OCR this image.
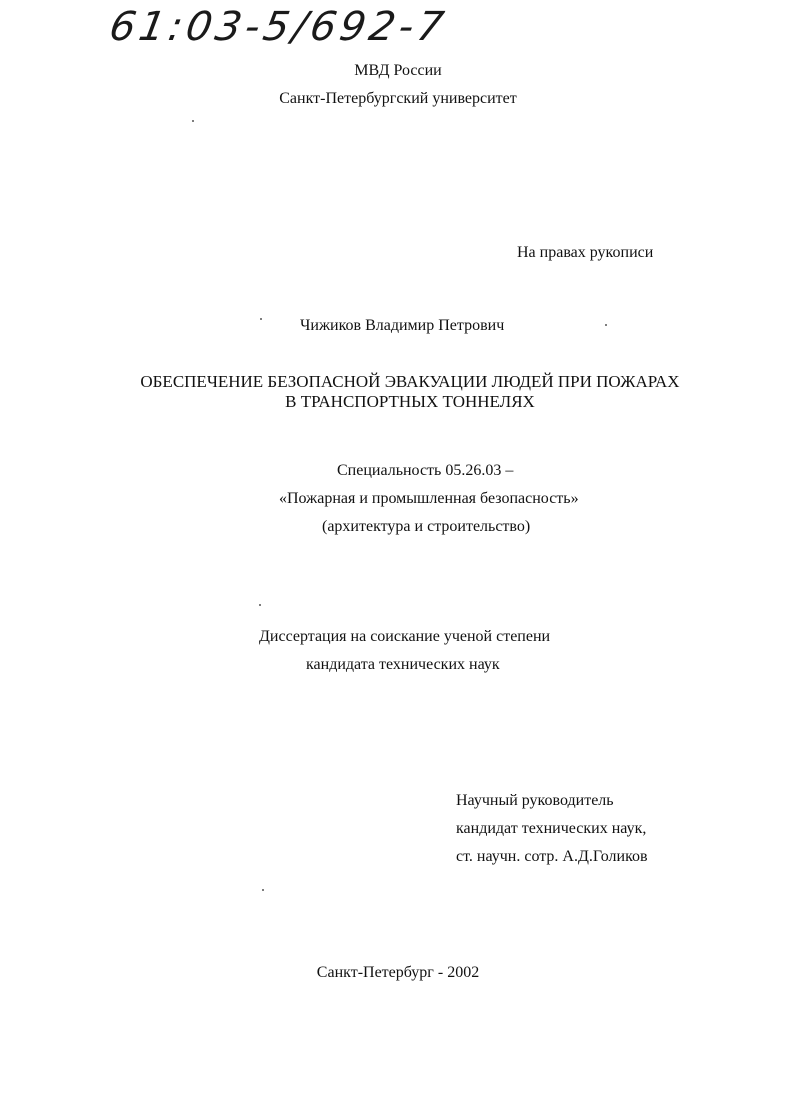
61:03-5/692-7
МВД России
Санкт-Петербургский университет
На правах рукописи
Чижиков Владимир Петрович
ОБЕСПЕЧЕНИЕ БЕЗОПАСНОЙ ЭВАКУАЦИИ ЛЮДЕЙ ПРИ ПОЖАРАХ В ТРАНСПОРТНЫХ ТОННЕЛЯХ
Специальность 05.26.03 –
«Пожарная и промышленная безопасность»
(архитектура и строительство)
Диссертация на соискание ученой степени
кандидата технических наук
Научный руководитель
кандидат технических наук,
ст. научн. сотр. А.Д.Голиков
Санкт-Петербург - 2002
